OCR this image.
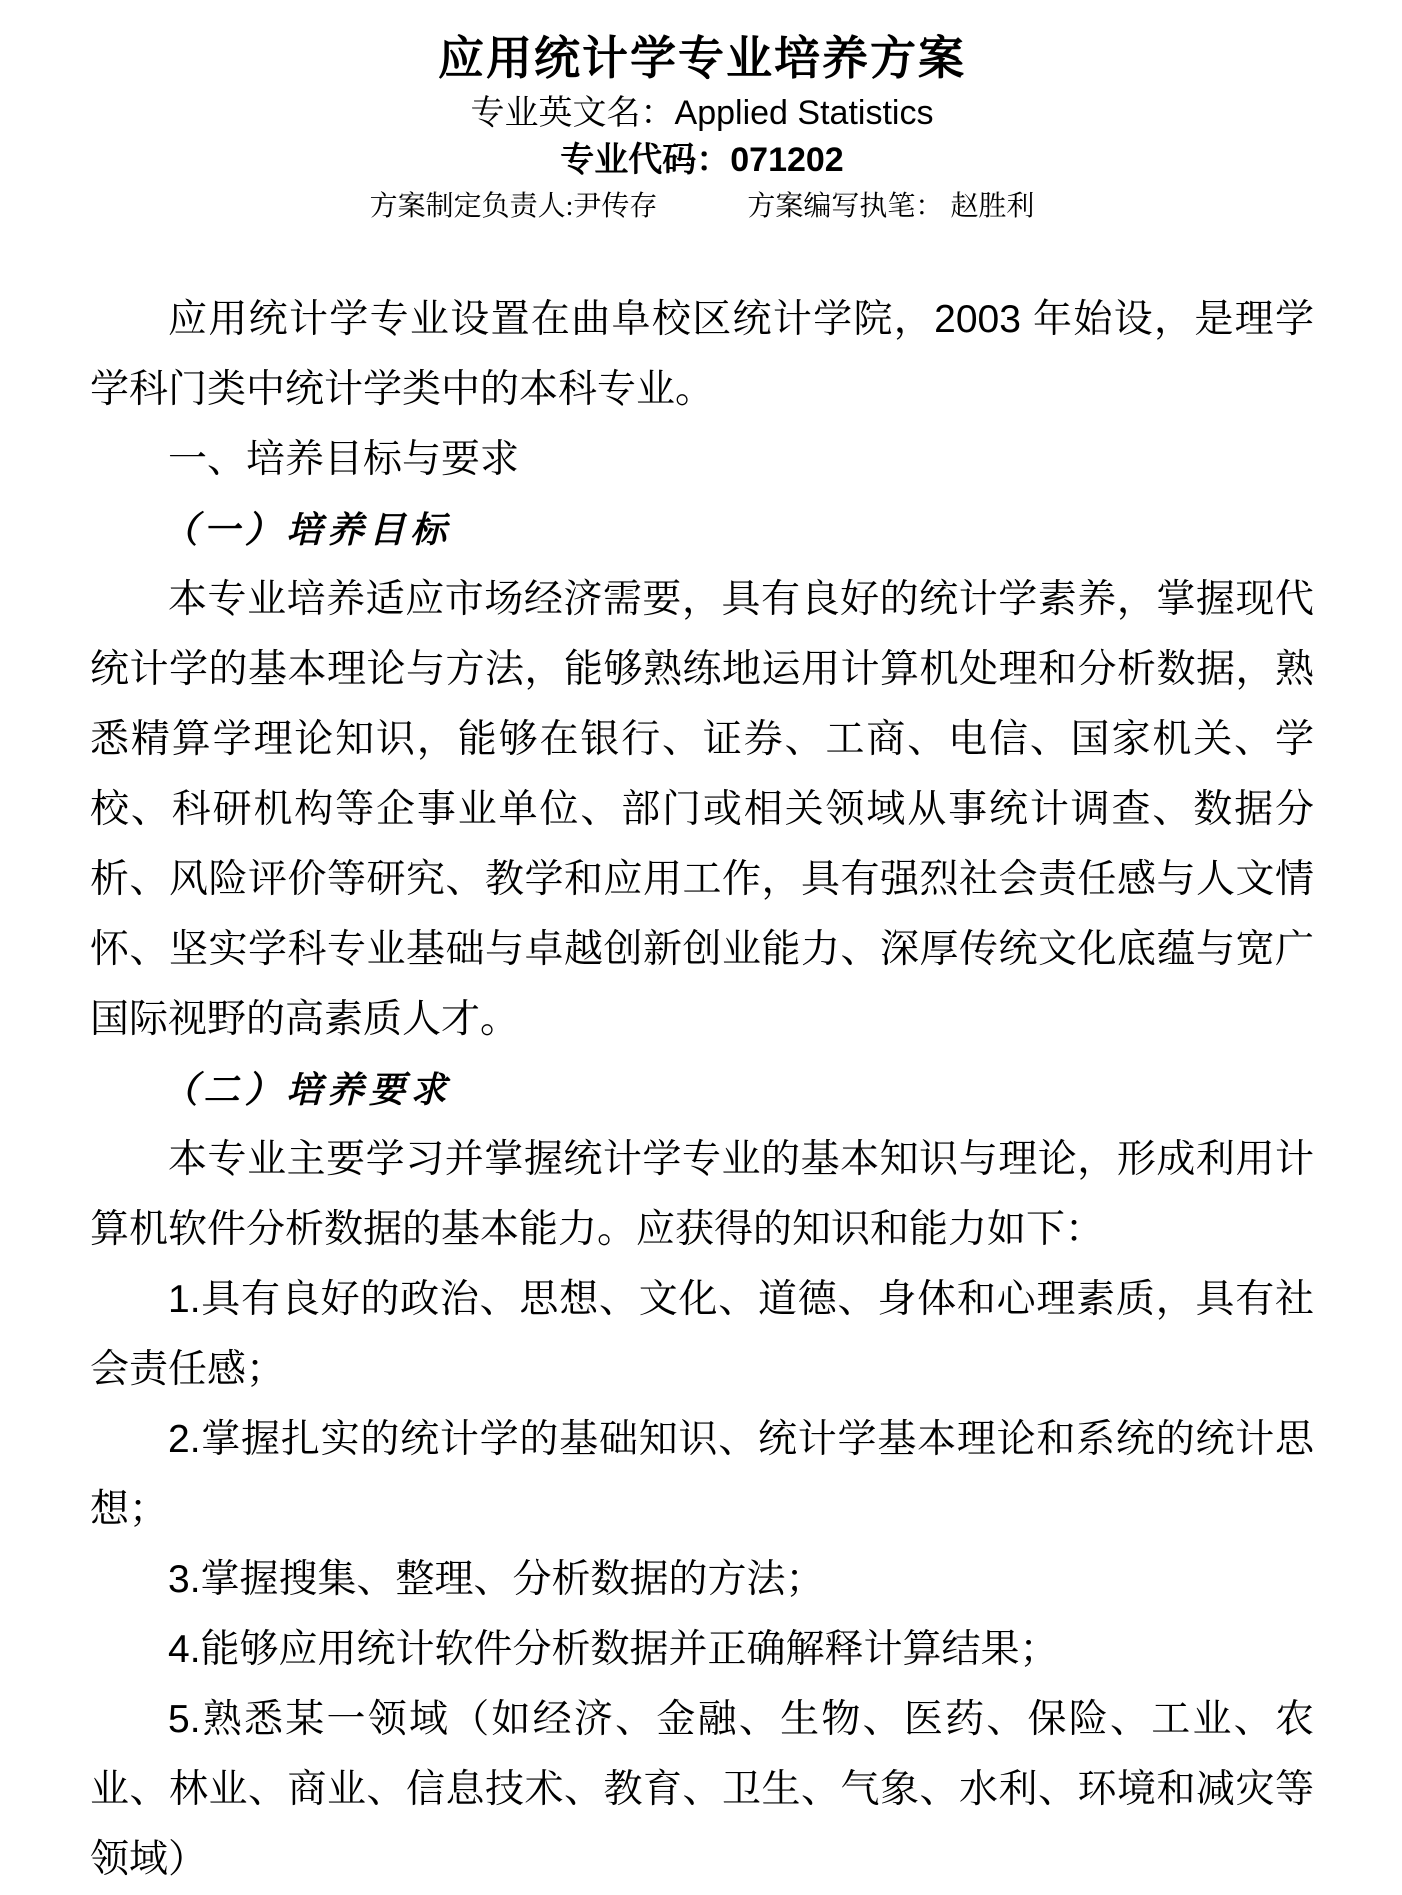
应用统计学专业培养方案
专业英文名：Applied Statistics
专业代码：071202
方案制定负责人:尹传存	方案编写执笔： 赵胜利
应用统计学专业设置在曲阜校区统计学院，2003 年始设，是理学学科门类中统计学类中的本科专业。
一、培养目标与要求
（一）培养目标
本专业培养适应市场经济需要，具有良好的统计学素养，掌握现代统计学的基本理论与方法，能够熟练地运用计算机处理和分析数据，熟悉精算学理论知识，能够在银行、证券、工商、电信、国家机关、学校、科研机构等企事业单位、部门或相关领域从事统计调查、数据分析、风险评价等研究、教学和应用工作，具有强烈社会责任感与人文情怀、坚实学科专业基础与卓越创新创业能力、深厚传统文化底蕴与宽广国际视野的高素质人才。
（二）培养要求
本专业主要学习并掌握统计学专业的基本知识与理论，形成利用计算机软件分析数据的基本能力。应获得的知识和能力如下：
1.具有良好的政治、思想、文化、道德、身体和心理素质，具有社会责任感；
2.掌握扎实的统计学的基础知识、统计学基本理论和系统的统计思想；
3.掌握搜集、整理、分析数据的方法；
4.能够应用统计软件分析数据并正确解释计算结果；
5.熟悉某一领域（如经济、金融、生物、医药、保险、工业、农业、林业、商业、信息技术、教育、卫生、气象、水利、环境和减灾等领域）
